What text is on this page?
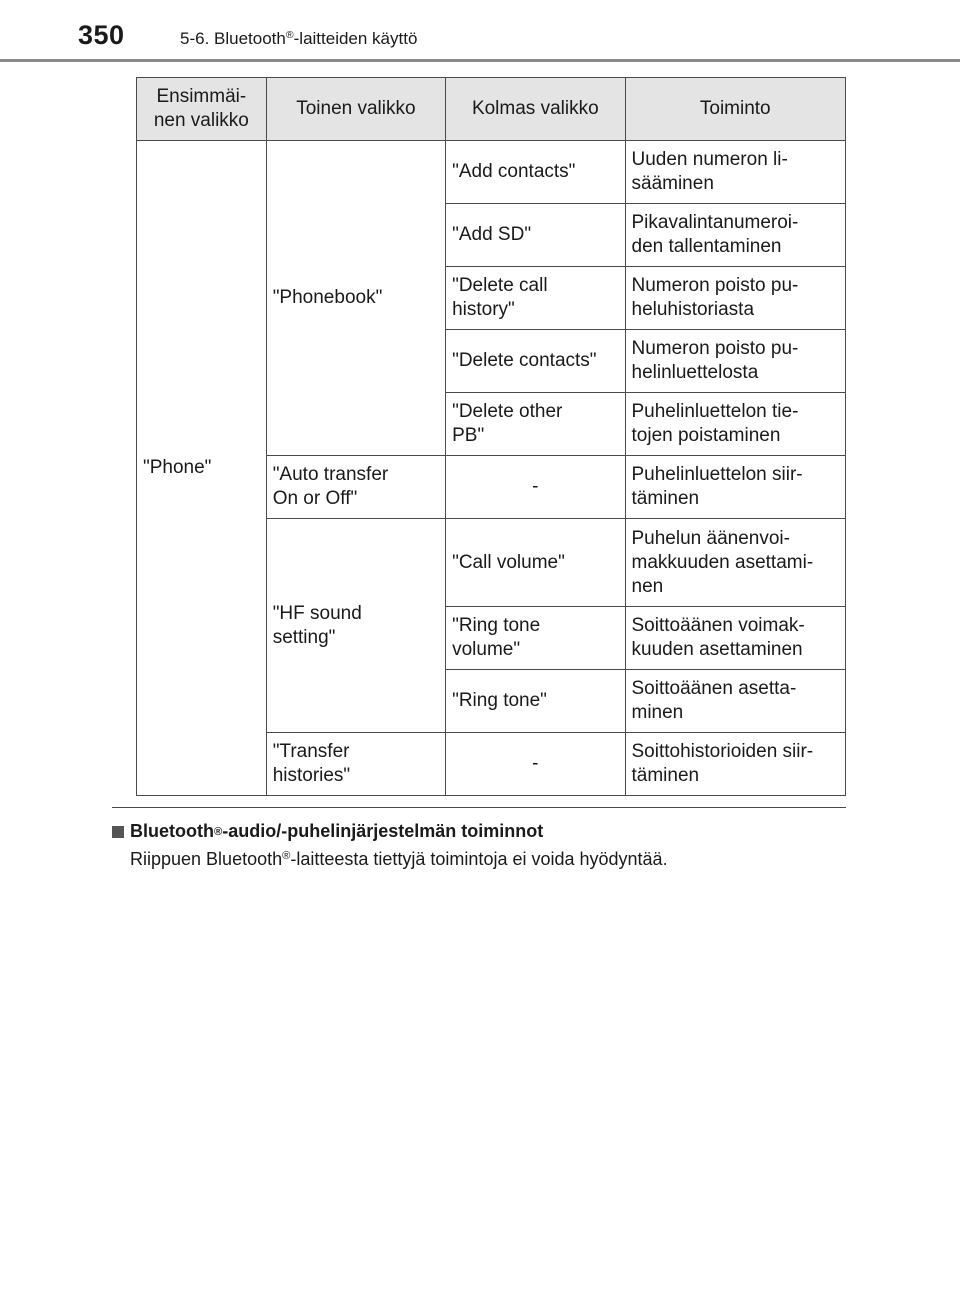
350	5-6. Bluetooth®-laitteiden käyttö
Ensimmäi-
nen valikko	Toinen valikko	Kolmas valikko	Toiminto
"Phone"	"Phonebook"	"Add contacts"	Uuden numeron li-
sääminen
		"Add SD"	Pikavalintanumeroi-
den tallentaminen
		"Delete call
history"	Numeron poisto pu-
heluhistoriasta
		"Delete contacts"	Numeron poisto pu-
helinluettelosta
		"Delete other
PB"	Puhelinluettelon tie-
tojen poistaminen
	"Auto transfer
On or Off"	-	Puhelinluettelon siir-
täminen
	"HF sound
setting"	"Call volume"	Puhelun äänenvoi-
makkuuden asettami-
nen
		"Ring tone
volume"	Soittoäänen voimak-
kuuden asettaminen
		"Ring tone"	Soittoäänen asetta-
minen
	"Transfer
histories"	-	Soittohistorioiden siir-
täminen
Bluetooth ® -audio/-puhelinjärjestelmän toiminnot
Riippuen Bluetooth®-laitteesta tiettyjä toimintoja ei voida hyödyntää.
